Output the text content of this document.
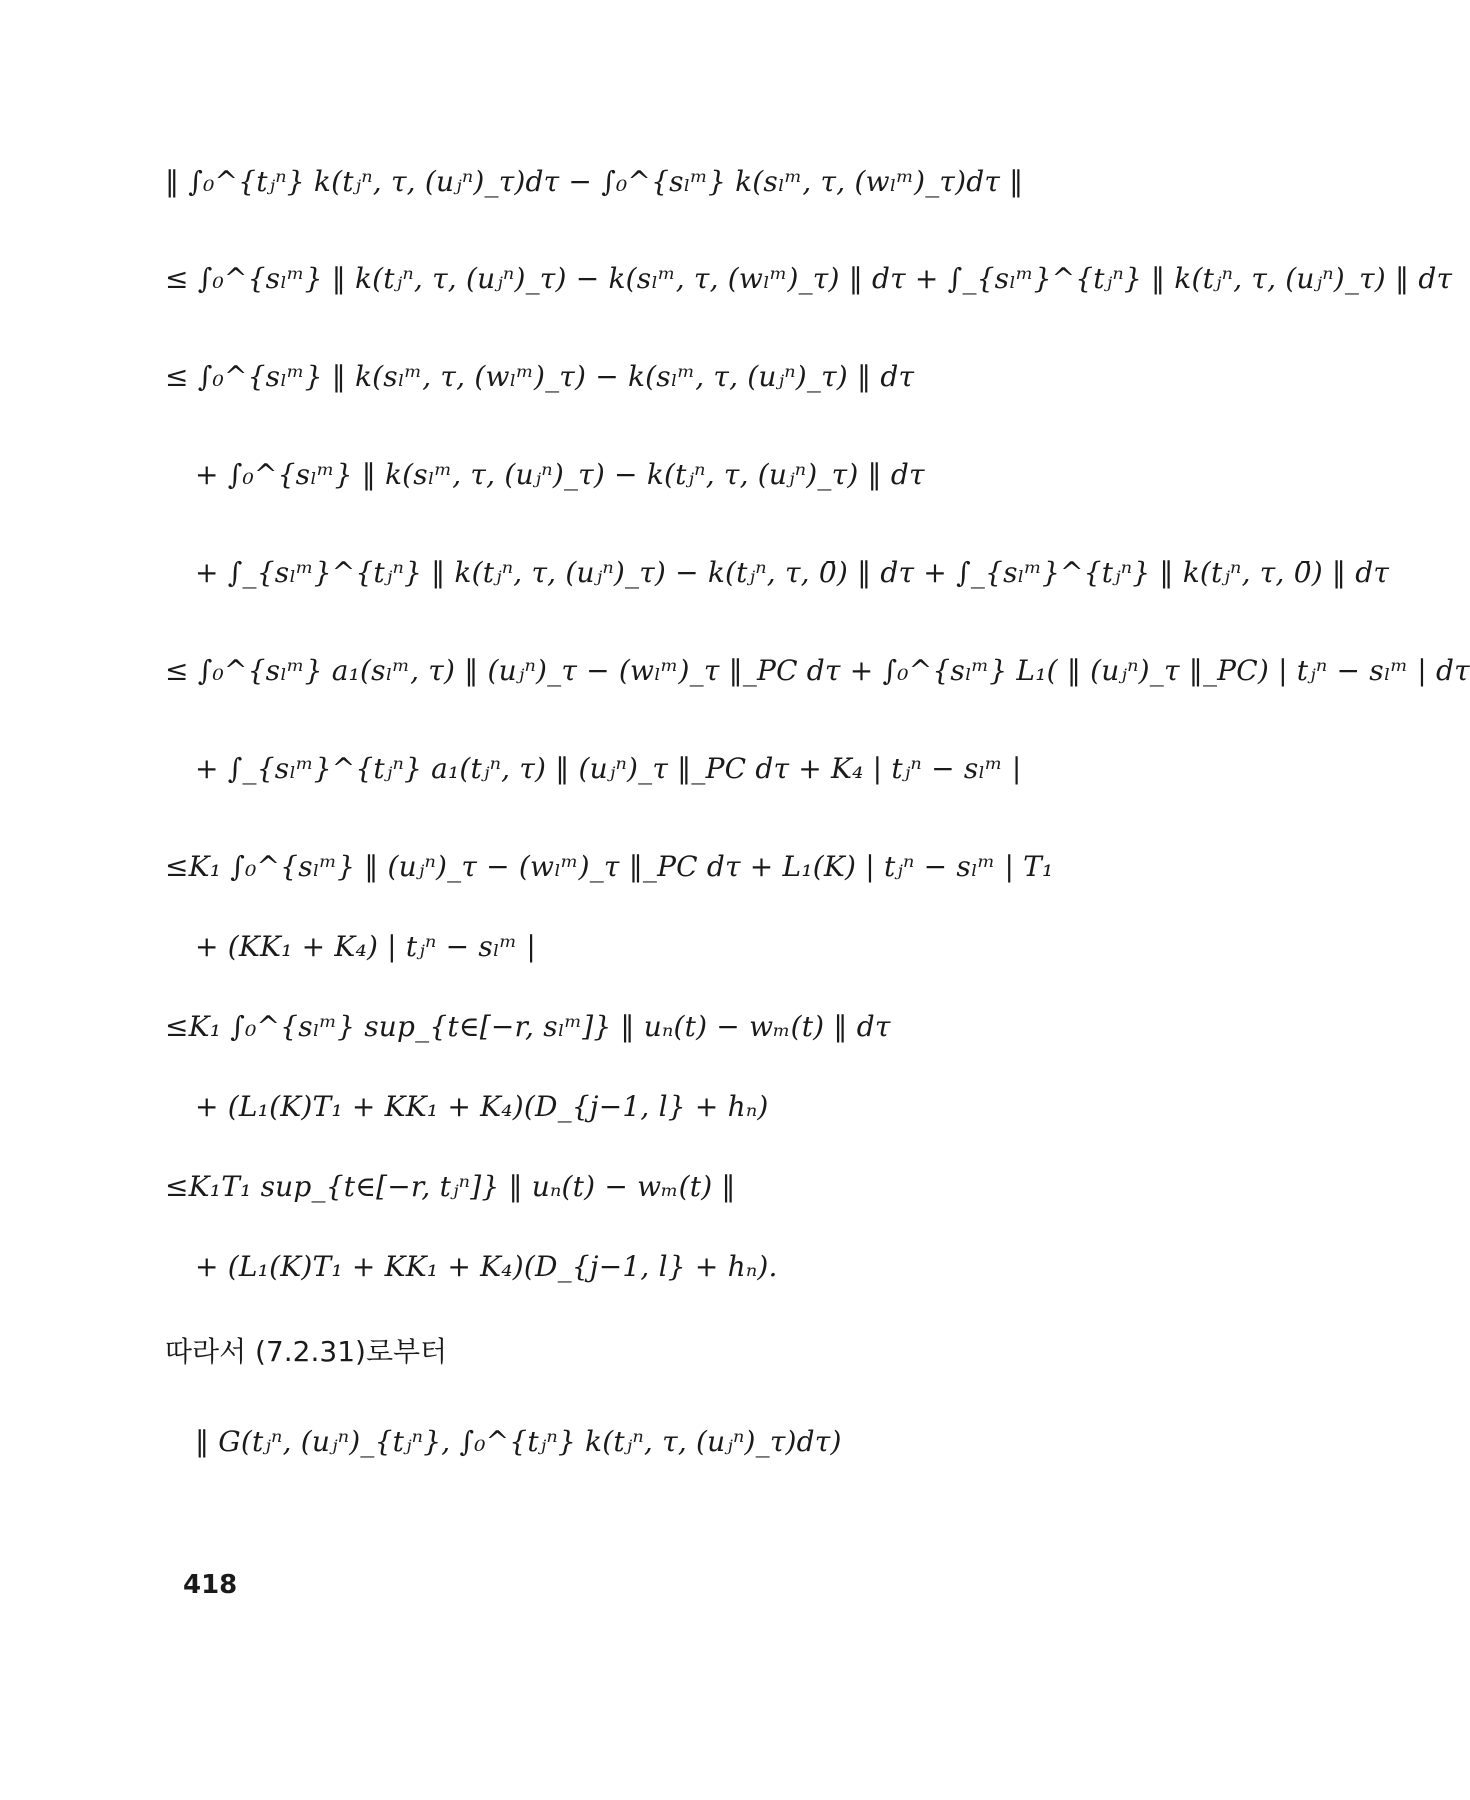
‖ ∫₀^{tⱼⁿ} k(tⱼⁿ, τ, (uⱼⁿ)_τ)dτ − ∫₀^{sₗᵐ} k(sₗᵐ, τ, (wₗᵐ)_τ)dτ ‖
≤ ∫₀^{sₗᵐ} ‖ k(tⱼⁿ, τ, (uⱼⁿ)_τ) − k(sₗᵐ, τ, (wₗᵐ)_τ) ‖ dτ + ∫_{sₗᵐ}^{tⱼⁿ} ‖ k(tⱼⁿ, τ, (uⱼⁿ)_τ) ‖ dτ
≤ ∫₀^{sₗᵐ} ‖ k(sₗᵐ, τ, (wₗᵐ)_τ) − k(sₗᵐ, τ, (uⱼⁿ)_τ) ‖ dτ
+ ∫₀^{sₗᵐ} ‖ k(sₗᵐ, τ, (uⱼⁿ)_τ) − k(tⱼⁿ, τ, (uⱼⁿ)_τ) ‖ dτ
+ ∫_{sₗᵐ}^{tⱼⁿ} ‖ k(tⱼⁿ, τ, (uⱼⁿ)_τ) − k(tⱼⁿ, τ, 0̄) ‖ dτ + ∫_{sₗᵐ}^{tⱼⁿ} ‖ k(tⱼⁿ, τ, 0̄) ‖ dτ
≤ ∫₀^{sₗᵐ} a₁(sₗᵐ, τ) ‖ (uⱼⁿ)_τ − (wₗᵐ)_τ ‖_PC dτ + ∫₀^{sₗᵐ} L₁( ‖ (uⱼⁿ)_τ ‖_PC) | tⱼⁿ − sₗᵐ | dτ
+ ∫_{sₗᵐ}^{tⱼⁿ} a₁(tⱼⁿ, τ) ‖ (uⱼⁿ)_τ ‖_PC dτ + K₄ | tⱼⁿ − sₗᵐ |
≤K₁ ∫₀^{sₗᵐ} ‖ (uⱼⁿ)_τ − (wₗᵐ)_τ ‖_PC dτ + L₁(K) | tⱼⁿ − sₗᵐ | T₁
+ (KK₁ + K₄) | tⱼⁿ − sₗᵐ |
≤K₁ ∫₀^{sₗᵐ} sup_{t∈[−r, sₗᵐ]} ‖ uₙ(t) − wₘ(t) ‖ dτ
+ (L₁(K)T₁ + KK₁ + K₄)(D_{j−1, l} + hₙ)
≤K₁T₁ sup_{t∈[−r, tⱼⁿ]} ‖ uₙ(t) − wₘ(t) ‖
+ (L₁(K)T₁ + KK₁ + K₄)(D_{j−1, l} + hₙ).
따라서 (7.2.31)로부터
‖ G(tⱼⁿ, (uⱼⁿ)_{tⱼⁿ}, ∫₀^{tⱼⁿ} k(tⱼⁿ, τ, (uⱼⁿ)_τ)dτ)
418
